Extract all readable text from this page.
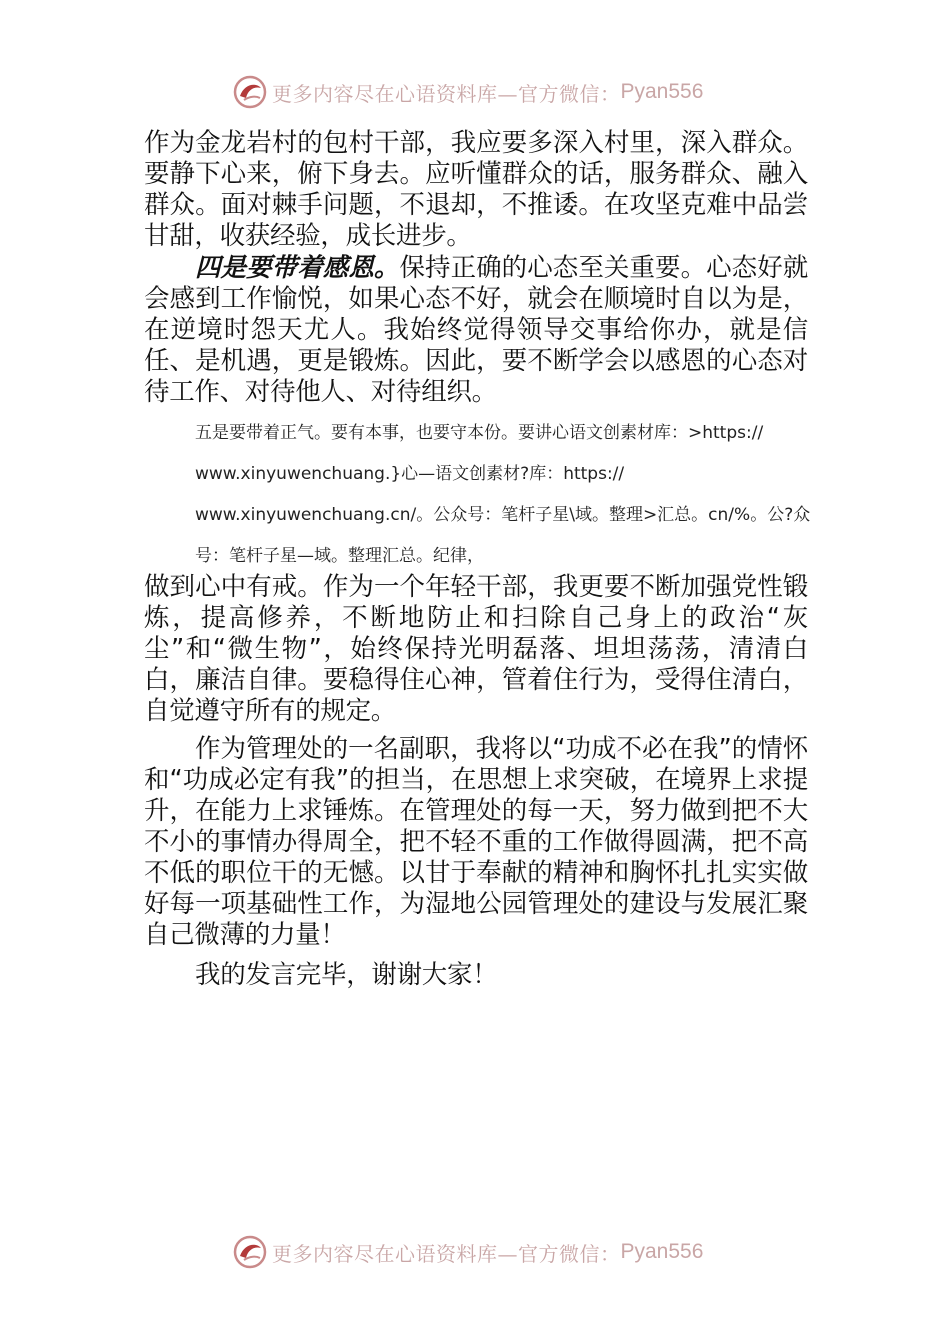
更多内容尽在心语资料库—官方微信： Pyan556

作为金龙岩村的包村干部，我应要多深入村里，深入群众。要静下心来，俯下身去。应听懂群众的话，服务群众、融入群众。面对棘手问题，不退却，不推诿。在攻坚克难中品尝甘甜，收获经验，成长进步。

四是要带着感恩。保持正确的心态至关重要。心态好就会感到工作愉悦，如果心态不好，就会在顺境时自以为是，在逆境时怨天尤人。我始终觉得领导交事给你办，就是信任、是机遇，更是锻炼。因此，要不断学会以感恩的心态对待工作、对待他人、对待组织。

五是要带着正气。要有本事，也要守本份。要讲心语文创素材库：>https://
www.xinyuwenchuang.}心—语文创素材?库：https://
www.xinyuwenchuang.cn/。公众号：笔杆子星\域。整理>汇总。cn/%。公?众
号：笔杆子星—域。整理汇总。纪律，

做到心中有戒。作为一个年轻干部，我更要不断加强党性锻炼，提高修养，不断地防止和扫除自己身上的政治“灰尘”和“微生物”，始终保持光明磊落、坦坦荡荡，清清白白，廉洁自律。要稳得住心神，管着住行为，受得住清白，自觉遵守所有的规定。

作为管理处的一名副职，我将以“功成不必在我”的情怀和“功成必定有我”的担当，在思想上求突破，在境界上求提升，在能力上求锤炼。在管理处的每一天，努力做到把不大不小的事情办得周全，把不轻不重的工作做得圆满，把不高不低的职位干的无憾。以甘于奉献的精神和胸怀扎扎实实做好每一项基础性工作，为湿地公园管理处的建设与发展汇聚自己微薄的力量！

我的发言完毕，谢谢大家！

更多内容尽在心语资料库—官方微信： Pyan556
